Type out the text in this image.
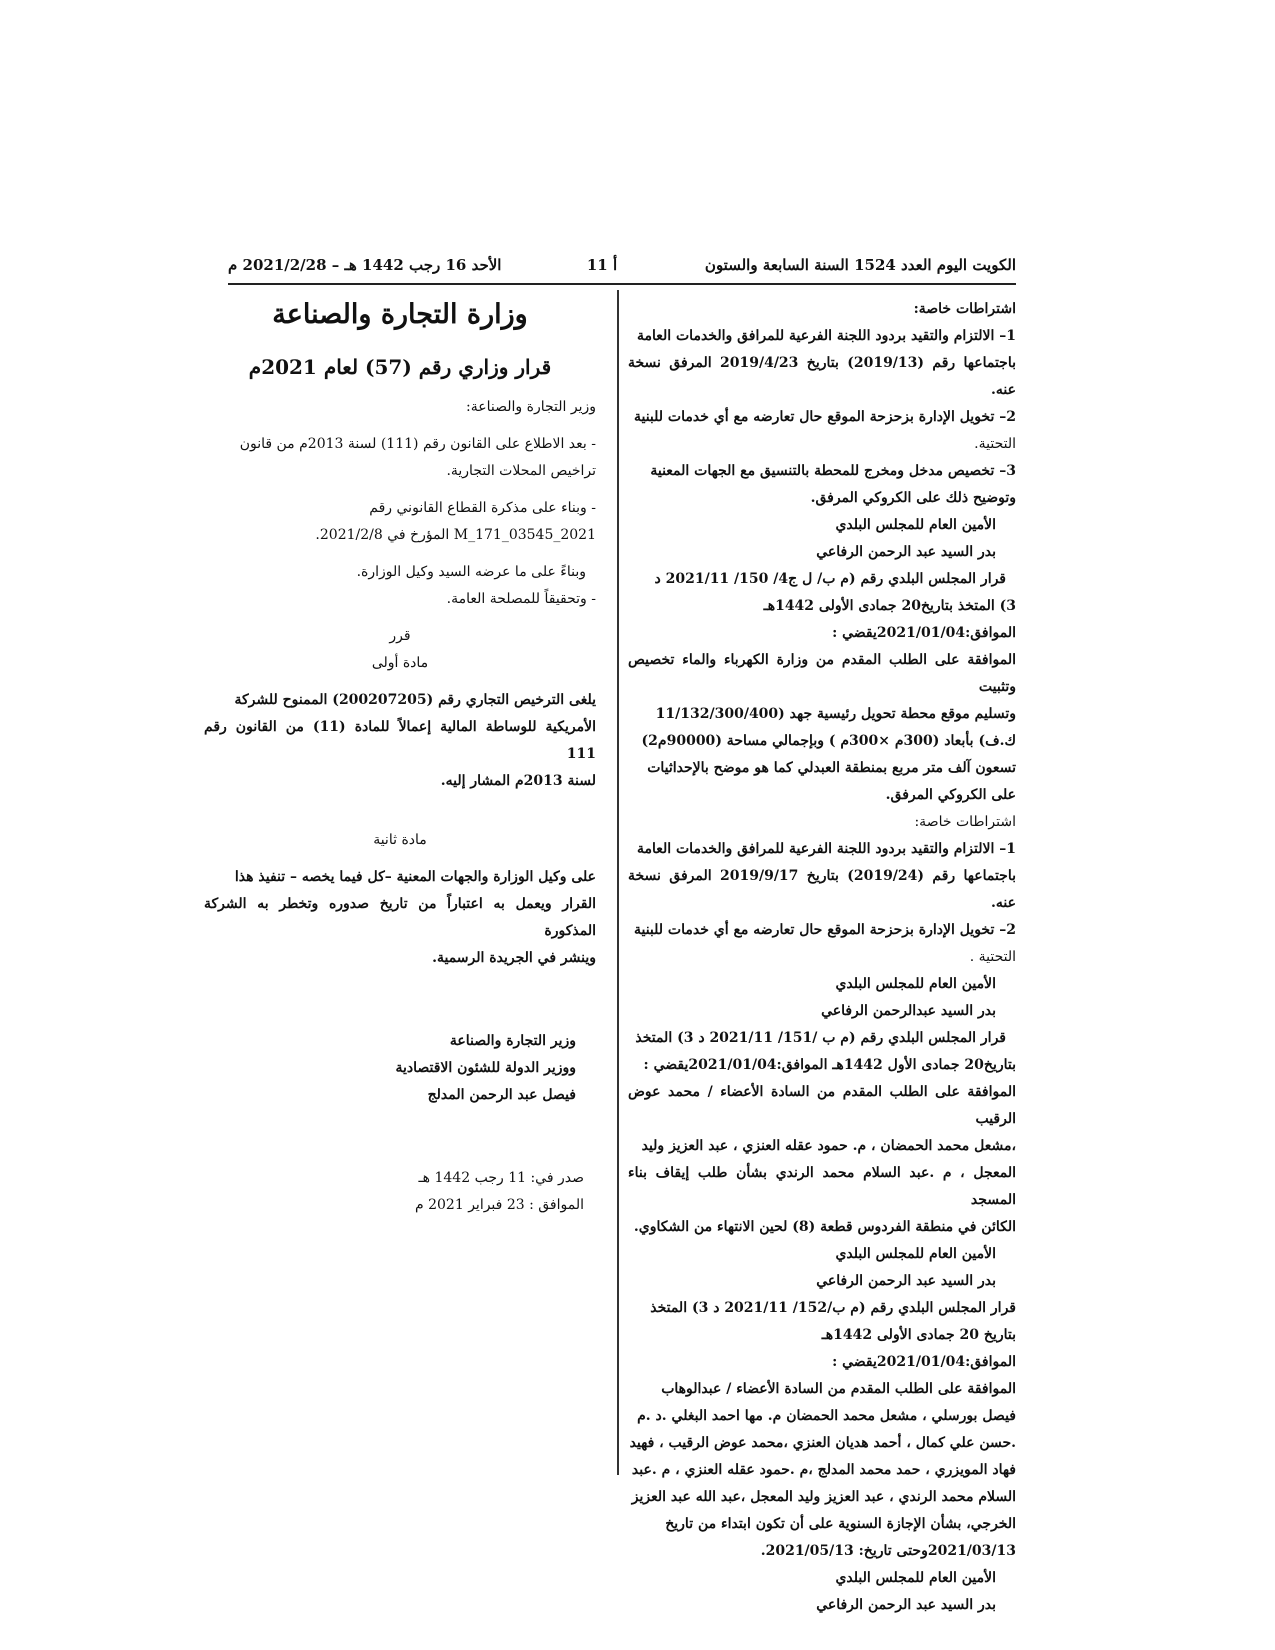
الكويت اليوم العدد 1524 السنة السابعة والستون
أ 11
الأحد 16 رجب 1442 هـ – 2021/2/28 م

اشتراطات خاصة:

1– الالتزام والتقيد بردود اللجنة الفرعية للمرافق والخدمات العامة

باجتماعها رقم (2019/13) بتاريخ 2019/4/23 المرفق نسخة عنه.

2– تخويل الإدارة بزحزحة الموقع حال تعارضه مع أي خدمات للبنية

التحتية.

3– تخصيص مدخل ومخرج للمحطة بالتنسيق مع الجهات المعنية

وتوضيح ذلك على الكروكي المرفق.

الأمين العام للمجلس البلدي

بدر السيد عبد الرحمن الرفاعي

قرار المجلس البلدي رقم (م ب/ ل ج4/ 150/ 2021/11 د

3) المتخذ بتاريخ20 جمادى الأولى 1442هـ

الموافق:2021/01/04يقضي :

الموافقة على الطلب المقدم من وزارة الكهرباء والماء تخصيص وتثبيت

وتسليم موقع محطة تحويل رئيسية جهد (11/132/300/400

ك.ف) بأبعاد (300م ×300م ) وبإجمالي مساحة (90000م2)

تسعون آلف متر مربع بمنطقة العبدلي كما هو موضح بالإحداثيات

على الكروكي المرفق.

اشتراطات خاصة:

1– الالتزام والتقيد بردود اللجنة الفرعية للمرافق والخدمات العامة

باجتماعها رقم (2019/24) بتاريخ 2019/9/17 المرفق نسخة عنه.

2– تخويل الإدارة بزحزحة الموقع حال تعارضه مع أي خدمات للبنية

التحتية .

الأمين العام للمجلس البلدي

بدر السيد عبدالرحمن الرفاعي

قرار المجلس البلدي رقم (م ب /151/ 2021/11 د 3) المتخذ

بتاريخ20 جمادى الأول 1442هـ الموافق:2021/01/04يقضي :

الموافقة على الطلب المقدم من السادة الأعضاء / محمد عوض الرقيب

،مشعل محمد الحمضان ، م. حمود عقله العنزي ، عبد العزيز وليد

المعجل ، م .عبد السلام محمد الرندي بشأن طلب إيقاف بناء المسجد

الكائن في منطقة الفردوس قطعة (8) لحين الانتهاء من الشكاوي.

الأمين العام للمجلس البلدي

بدر السيد عبد الرحمن الرفاعي

قرار المجلس البلدي رقم (م ب/152/ 2021/11 د 3) المتخذ

بتاريخ 20 جمادى الأولى 1442هـ

الموافق:2021/01/04يقضي :

الموافقة على الطلب المقدم من السادة الأعضاء / عبدالوهاب

فيصل بورسلي ، مشعل محمد الحمضان م. مها احمد البغلي .د .م

.حسن علي كمال ، أحمد هديان العنزي ،محمد عوض الرقيب ، فهيد

فهاد المويزري ، حمد محمد المدلج ،م .حمود عقله العنزي ، م .عبد

السلام محمد الرندي ، عبد العزيز وليد المعجل ،عبد الله عبد العزيز

الخرجي، بشأن الإجازة السنوية على أن تكون ابتداء من تاريخ

2021/03/13وحتى تاريخ: 2021/05/13.

الأمين العام للمجلس البلدي

بدر السيد عبد الرحمن الرفاعي

وزارة التجارة والصناعة
قرار وزاري رقم (57) لعام 2021م

وزير التجارة والصناعة:

- بعد الاطلاع على القانون رقم (111) لسنة 2013م من قانون

تراخيص المحلات التجارية.

- وبناء على مذكرة القطاع القانوني رقم

M_171_03545_2021 المؤرخ في 2021/2/8.

وبناءً على ما عرضه السيد وكيل الوزارة.

- وتحقيقاً للمصلحة العامة.

قرر

مادة أولى

يلغى الترخيص التجاري رقم (200207205) الممنوح للشركة

الأمريكية للوساطة المالية إعمالاً للمادة (11) من القانون رقم 111

لسنة 2013م المشار إليه.

مادة ثانية

على وكيل الوزارة والجهات المعنية –كل فيما يخصه – تنفيذ هذا

القرار ويعمل به اعتباراً من تاريخ صدوره وتخطر به الشركة المذكورة

وينشر في الجريدة الرسمية.

وزير التجارة والصناعة

ووزير الدولة للشئون الاقتصادية

فيصل عبد الرحمن المدلج

صدر في: 11 رجب 1442 هـ

الموافق : 23 فبراير 2021 م
